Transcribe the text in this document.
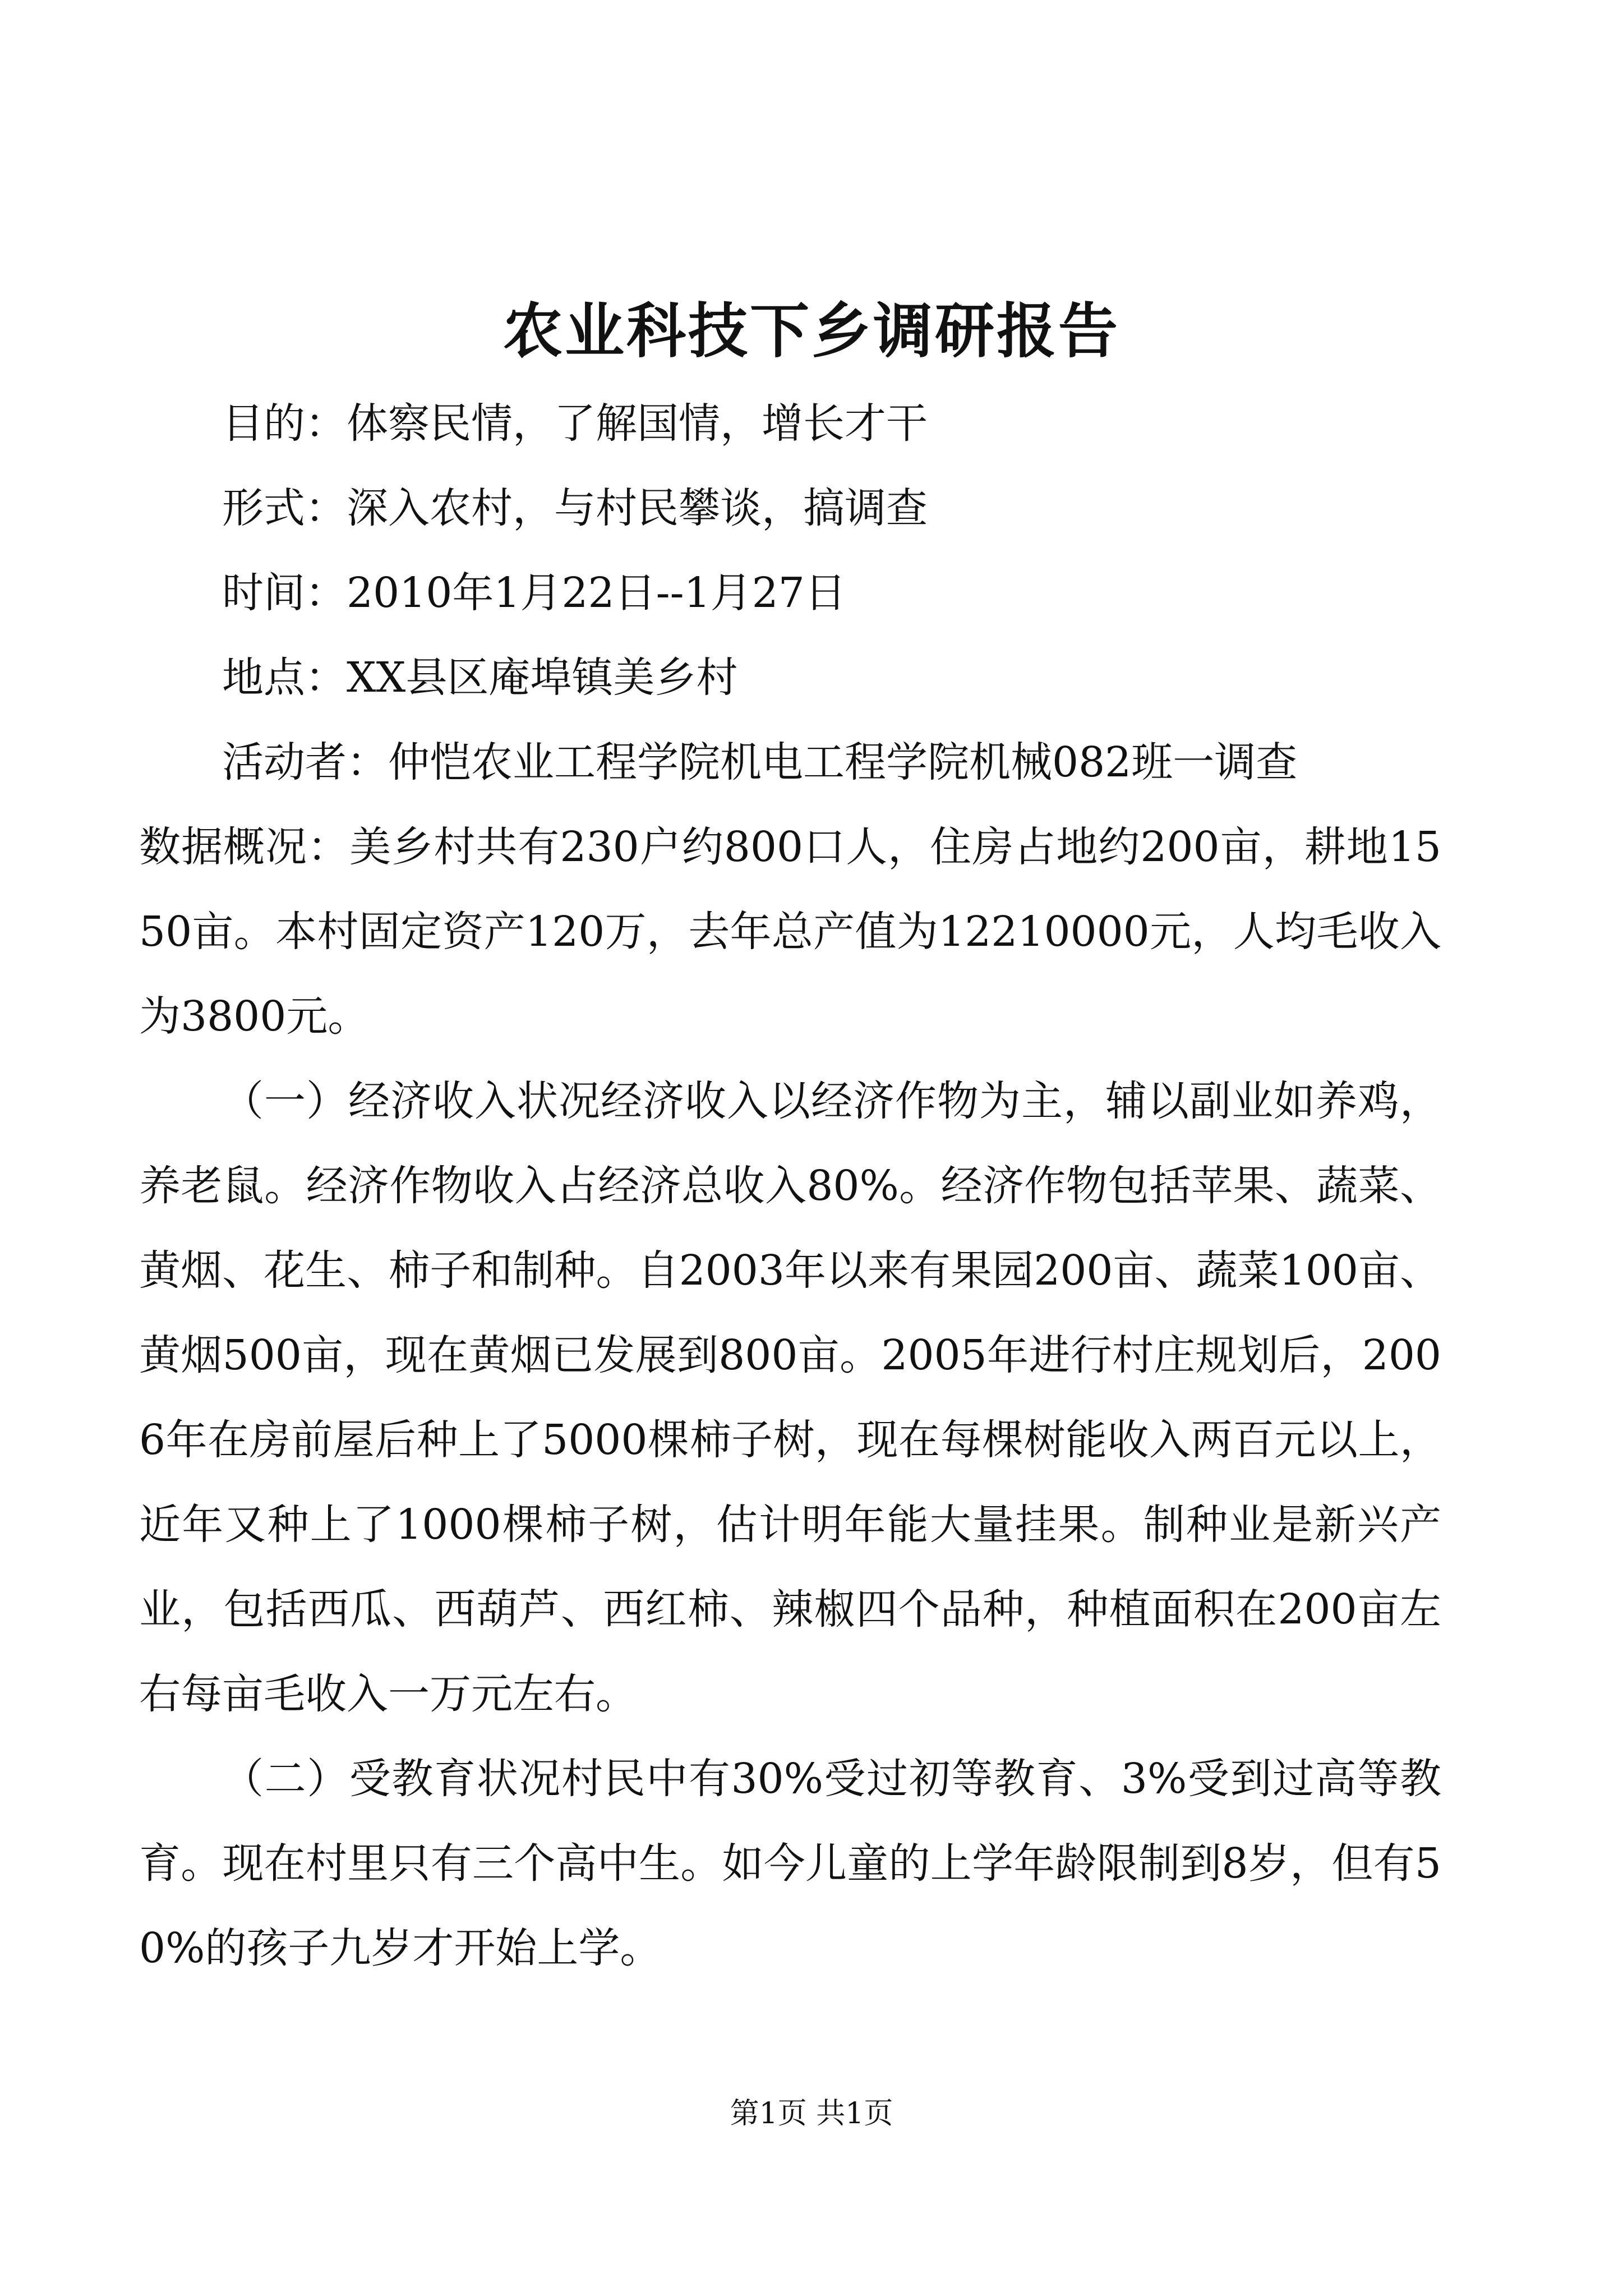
农业科技下乡调研报告

目的：体察民情，了解国情，增长才干

形式：深入农村，与村民攀谈，搞调查

时间：2010年1月22日--1月27日

地点：XX县区庵埠镇美乡村

活动者：仲恺农业工程学院机电工程学院机械082班一调查

数据概况：美乡村共有230户约800口人，住房占地约200亩，耕地1550亩。本村固定资产120万，去年总产值为12210000元，人均毛收入为3800元。

（一）经济收入状况经济收入以经济作物为主，辅以副业如养鸡，养老鼠。经济作物收入占经济总收入80%。经济作物包括苹果、蔬菜、黄烟、花生、柿子和制种。自2003年以来有果园200亩、蔬菜100亩、黄烟500亩，现在黄烟已发展到800亩。2005年进行村庄规划后，2006年在房前屋后种上了5000棵柿子树，现在每棵树能收入两百元以上，近年又种上了1000棵柿子树，估计明年能大量挂果。制种业是新兴产业，包括西瓜、西葫芦、西红柿、辣椒四个品种，种植面积在200亩左右每亩毛收入一万元左右。

（二）受教育状况村民中有30%受过初等教育、3%受到过高等教育。现在村里只有三个高中生。如今儿童的上学年龄限制到8岁，但有50%的孩子九岁才开始上学。

第1页 共1页
